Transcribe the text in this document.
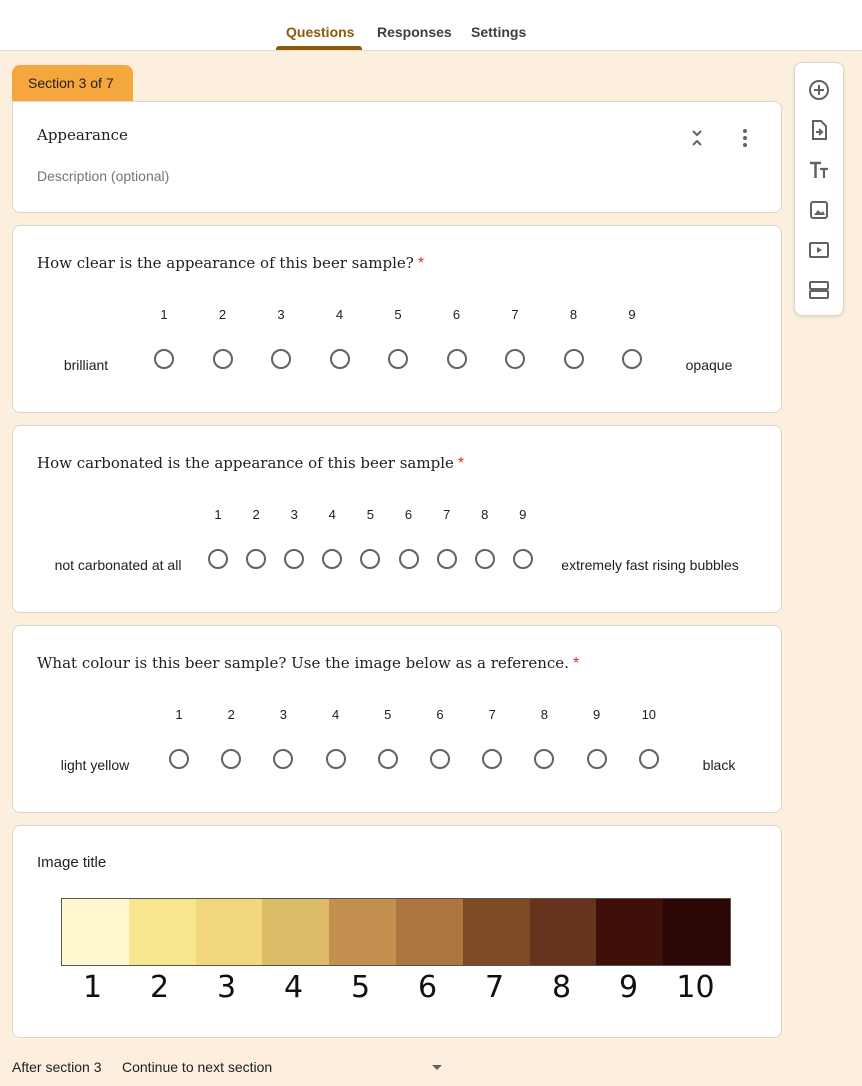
Questions Responses Settings
Section 3 of 7
Appearance
Description (optional)
How clear is the appearance of this beer sample? *
brilliant	opaque
1	2	3	4	5	6	7	8	9
How carbonated is the appearance of this beer sample *
not carbonated at all	extremely fast rising bubbles
1 2 3 4 5 6 7 8 9
What colour is this beer sample? Use the image below as a reference. *
light yellow	black
1	2	3	4	5	6	7	8	9	10
Image title
1 2 3 4 5 6 7 8 9 10
After section 3 Continue to next section
